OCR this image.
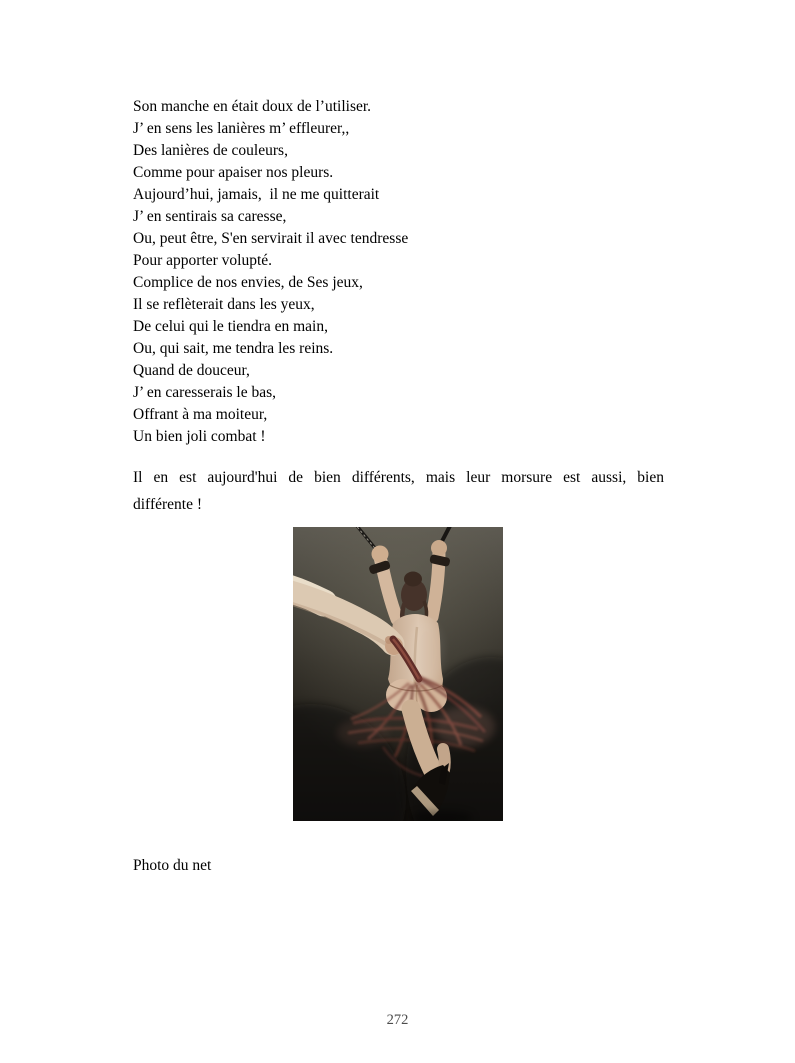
Son manche en était doux de l’utiliser.
J’ en sens les lanières m’ effleurer,,
Des lanières de couleurs,
Comme pour apaiser nos pleurs.
Aujourd’hui, jamais,  il ne me quitterait
J’ en sentirais sa caresse,
Ou, peut être, S'en servirait il avec tendresse
Pour apporter volupté.
Complice de nos envies, de Ses jeux,
Il se reflèterait dans les yeux,
De celui qui le tiendra en main,
Ou, qui sait, me tendra les reins.
Quand de douceur,
J’ en caresserais le bas,
Offrant à ma moiteur,
Un bien joli combat !
Il en est aujourd'hui de bien différents, mais leur morsure est aussi, bien
différente !
Photo du net
272
